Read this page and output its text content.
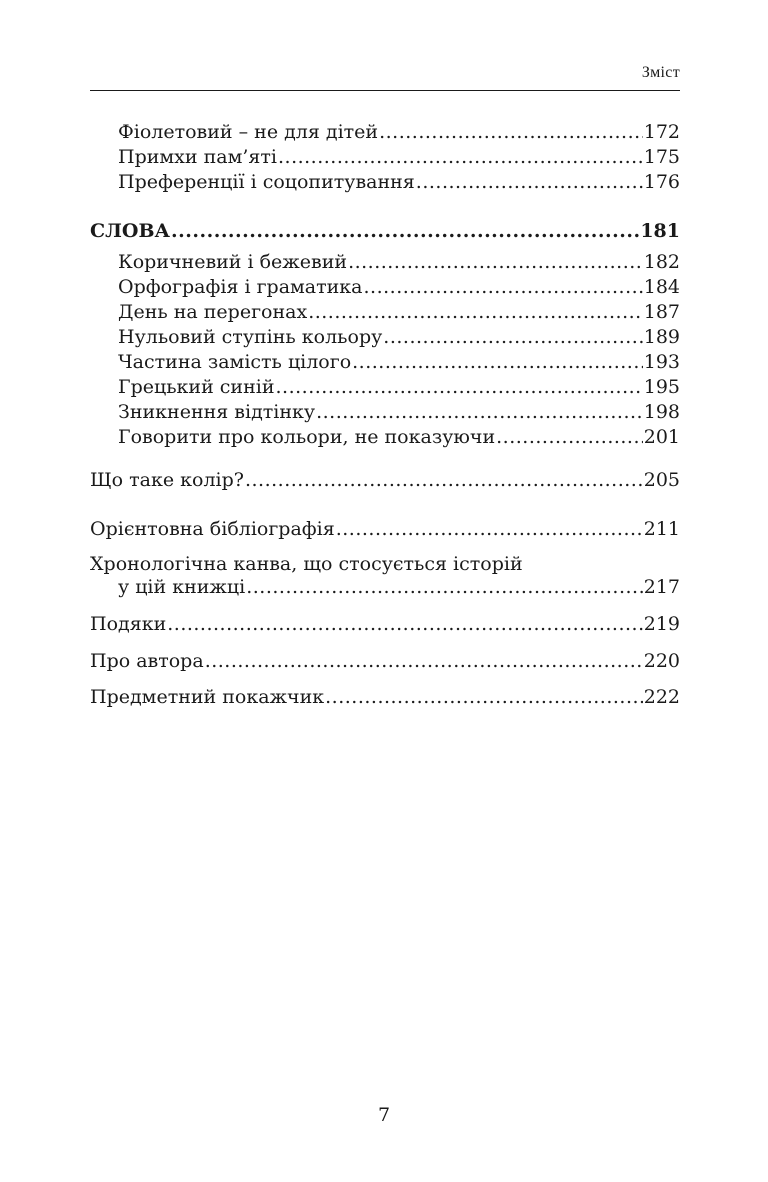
Зміст
Фіолетовий – не для дітей .....	172
Примхи пам’яті .....	175
Преференції і соцопитування .....	176
СЛОВА .....	181
Коричневий і бежевий .....	182
Орфографія і граматика .....	184
День на перегонах .....	187
Нульовий ступінь кольору .....	189
Частина замість цілого .....	193
Грецький синій .....	195
Зникнення відтінку .....	198
Говорити про кольори, не показуючи .....	201
Що таке колір? .....	205
Орієнтовна бібліографія .....	211
Хронологічна канва, що стосується історій
у цій книжці .....	217
Подяки .....	219
Про автора .....	220
Предметний покажчик .....	222
7
